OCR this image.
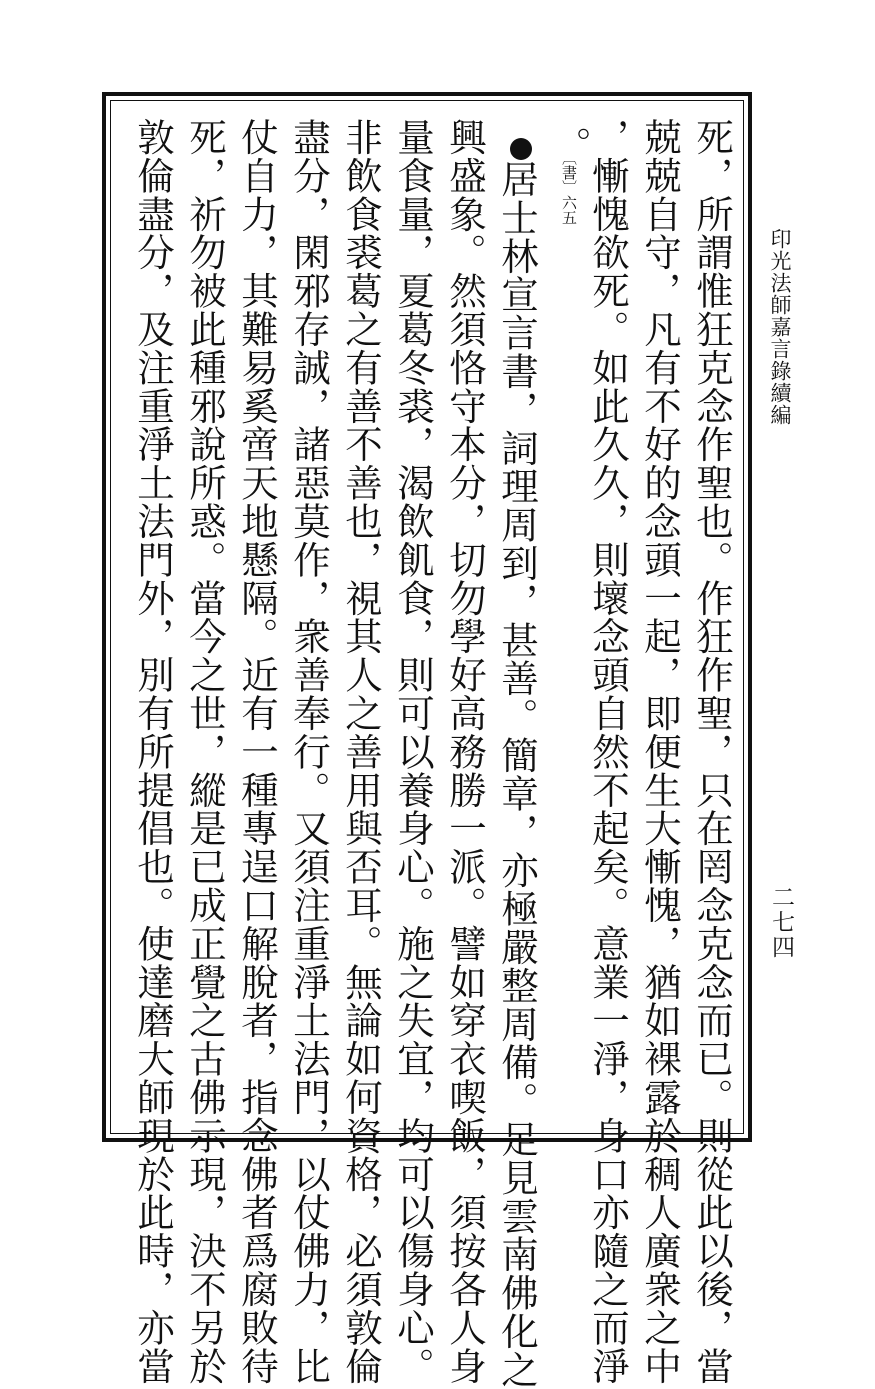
印光法師嘉言錄續編
二七四
死，所謂惟狂克念作聖也。作狂作聖，只在罔念克念而已。則從此以後，當
兢兢自守，凡有不好的念頭一起，即便生大慚愧，猶如裸露於稠人廣衆之中
，慚愧欲死。如此久久，則壞念頭自然不起矣。意業一淨，身口亦隨之而淨
。
〔書〕六五
居士林宣言書，詞理周到，甚善。簡章，亦極嚴整周備。足見雲南佛化之
興盛象。然須恪守本分，切勿學好高務勝一派。譬如穿衣喫飯，須按各人身
量食量，夏葛冬裘，渴飲飢食，則可以養身心。施之失宜，均可以傷身心。
非飲食裘葛之有善不善也，視其人之善用與否耳。無論如何資格，必須敦倫
盡分，閑邪存誠，諸惡莫作，衆善奉行。又須注重淨土法門，以仗佛力，比
仗自力，其難易奚啻天地懸隔。近有一種專逞口解脫者，指念佛者爲腐敗待
死，祈勿被此種邪說所惑。當今之世，縱是已成正覺之古佛示現，決不另於
敦倫盡分，及注重淨土法門外，別有所提倡也。使達磨大師現於此時，亦當
